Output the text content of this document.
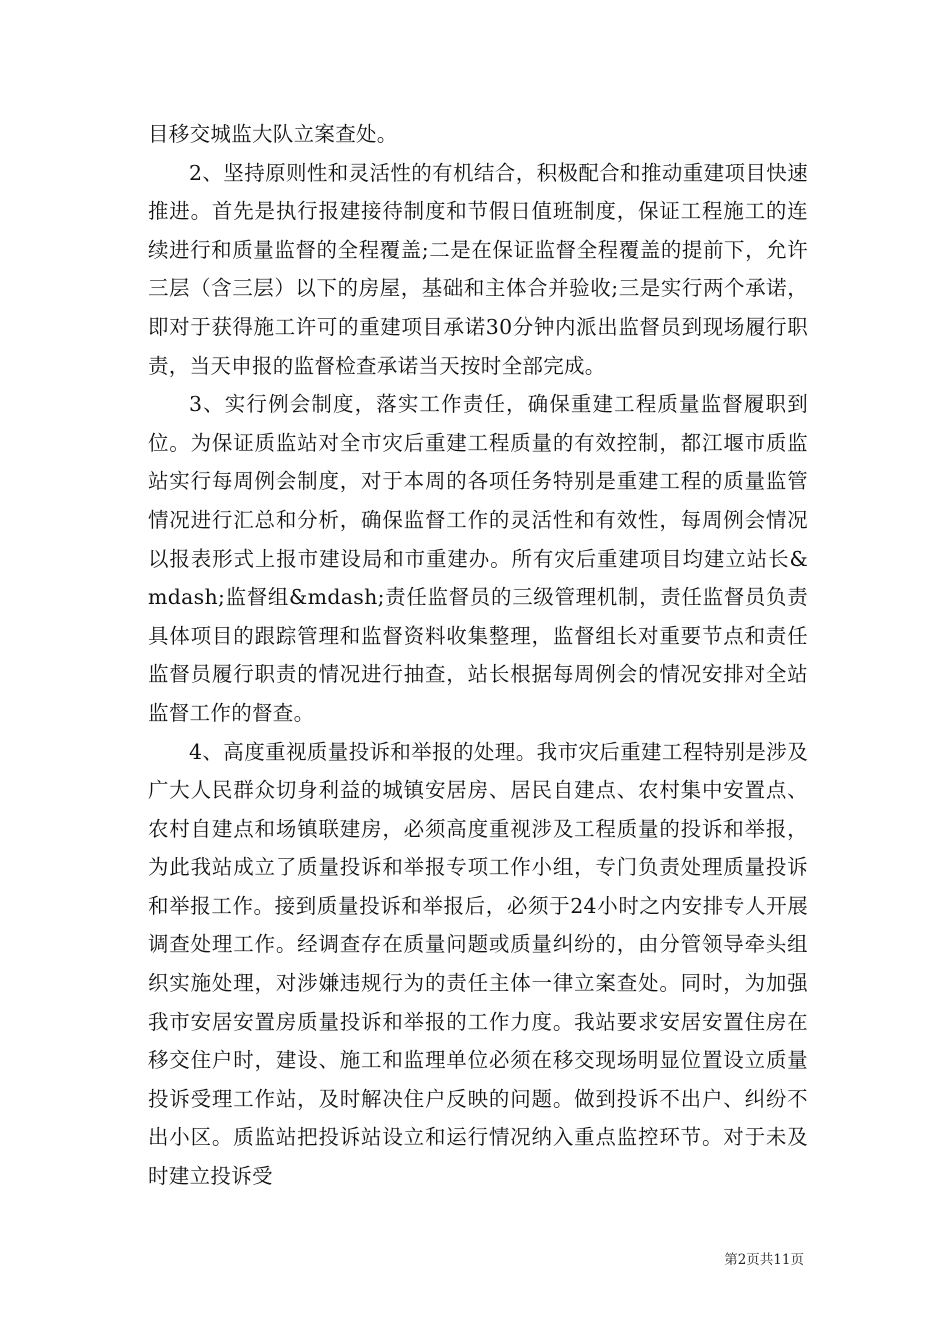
目移交城监大队立案查处。

2、坚持原则性和灵活性的有机结合，积极配合和推动重建项目快速推进。首先是执行报建接待制度和节假日值班制度，保证工程施工的连续进行和质量监督的全程覆盖;二是在保证监督全程覆盖的提前下，允许三层（含三层）以下的房屋，基础和主体合并验收;三是实行两个承诺，即对于获得施工许可的重建项目承诺30分钟内派出监督员到现场履行职责，当天申报的监督检查承诺当天按时全部完成。

3、实行例会制度，落实工作责任，确保重建工程质量监督履职到位。为保证质监站对全市灾后重建工程质量的有效控制，都江堰市质监站实行每周例会制度，对于本周的各项任务特别是重建工程的质量监管情况进行汇总和分析，确保监督工作的灵活性和有效性，每周例会情况以报表形式上报市建设局和市重建办。所有灾后重建项目均建立站长&mdash;监督组&mdash;责任监督员的三级管理机制，责任监督员负责具体项目的跟踪管理和监督资料收集整理，监督组长对重要节点和责任监督员履行职责的情况进行抽查，站长根据每周例会的情况安排对全站监督工作的督查。

4、高度重视质量投诉和举报的处理。我市灾后重建工程特别是涉及广大人民群众切身利益的城镇安居房、居民自建点、农村集中安置点、农村自建点和场镇联建房，必须高度重视涉及工程质量的投诉和举报，为此我站成立了质量投诉和举报专项工作小组，专门负责处理质量投诉和举报工作。接到质量投诉和举报后，必须于24小时之内安排专人开展调查处理工作。经调查存在质量问题或质量纠纷的，由分管领导牵头组织实施处理，对涉嫌违规行为的责任主体一律立案查处。同时，为加强我市安居安置房质量投诉和举报的工作力度。我站要求安居安置住房在移交住户时，建设、施工和监理单位必须在移交现场明显位置设立质量投诉受理工作站，及时解决住户反映的问题。做到投诉不出户、纠纷不出小区。质监站把投诉站设立和运行情况纳入重点监控环节。对于未及时建立投诉受

第2页共11页
